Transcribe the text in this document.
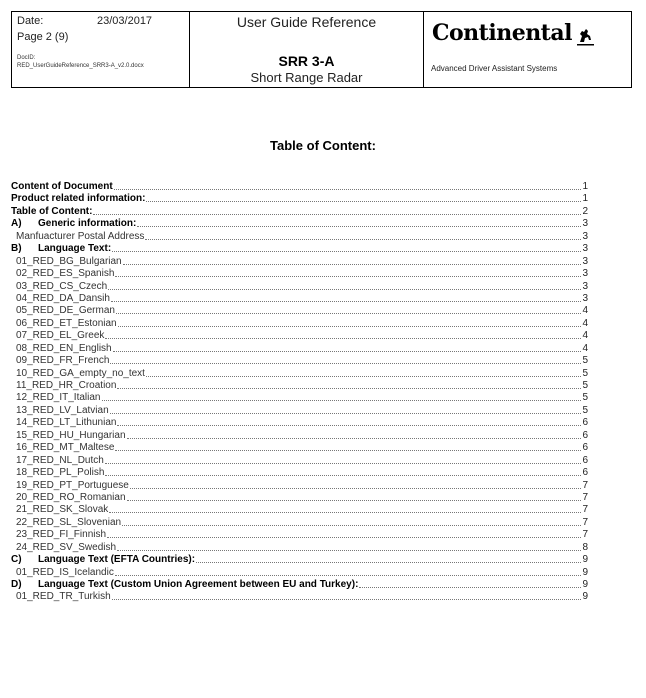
Date:	23/03/2017
Page 2 (9)
DocID:
RED_UserGuideReference_SRR3-A_v2.0.docx
User Guide Reference
SRR 3-A
Short Range Radar
Continental
Advanced Driver Assistant Systems
Table of Content:
Content of Document	1
Product related information:	1
Table of Content:	2
A)	Generic information:	3
Manfuacturer Postal Address	3
B)	Language Text:	3
01_RED_BG_Bulgarian	3
02_RED_ES_Spanish	3
03_RED_CS_Czech	3
04_RED_DA_Dansih	3
05_RED_DE_German	4
06_RED_ET_Estonian	4
07_RED_EL_Greek	4
08_RED_EN_English	4
09_RED_FR_French	5
10_RED_GA_empty_no_text	5
11_RED_HR_Croation	5
12_RED_IT_Italian	5
13_RED_LV_Latvian	5
14_RED_LT_Lithunian	6
15_RED_HU_Hungarian	6
16_RED_MT_Maltese	6
17_RED_NL_Dutch	6
18_RED_PL_Polish	6
19_RED_PT_Portuguese	7
20_RED_RO_Romanian	7
21_RED_SK_Slovak	7
22_RED_SL_Slovenian	7
23_RED_FI_Finnish	7
24_RED_SV_Swedish	8
C)	Language Text (EFTA Countries):	9
01_RED_IS_Icelandic	9
D)	Language Text (Custom Union Agreement between EU and Turkey):	9
01_RED_TR_Turkish	9
